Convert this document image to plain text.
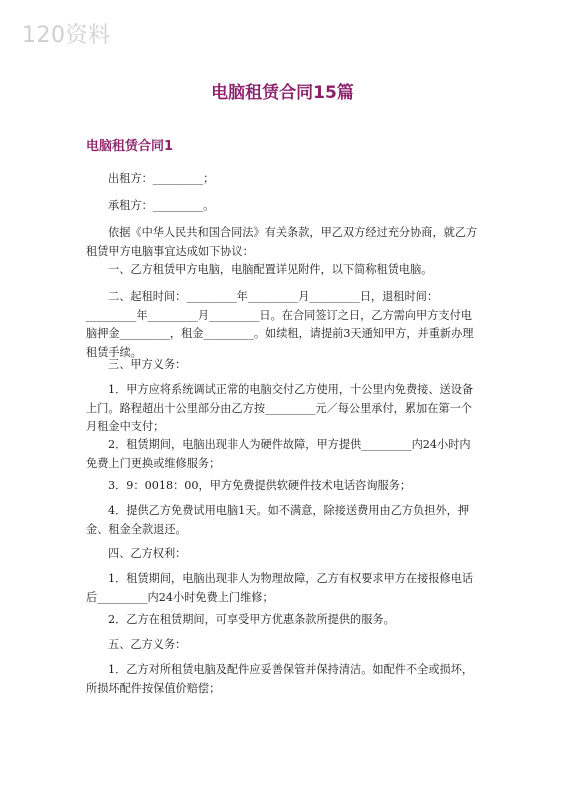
120资料
电脑租赁合同15篇
电脑租赁合同1

出租方：_________；

承租方：_________。

依据《中华人民共和国合同法》有关条款，甲乙双方经过充分协商，就乙方租赁甲方电脑事宜达成如下协议：

一、乙方租赁甲方电脑，电脑配置详见附件，以下简称租赁电脑。

二、起租时间：_________年_________月_________日，退租时间：_________年_________月_________日。在合同签订之日，乙方需向甲方支付电脑押金_________，租金_________。如续租，请提前3天通知甲方，并重新办理租赁手续。

三、甲方义务：

1．甲方应将系统调试正常的电脑交付乙方使用，十公里内免费接、送设备上门。路程超出十公里部分由乙方按_________元／每公里承付，累加在第一个月租金中支付；

2．租赁期间，电脑出现非人为硬件故障，甲方提供_________内24小时内免费上门更换或维修服务；

3．9：0018：00，甲方免费提供软硬件技术电话咨询服务；

4．提供乙方免费试用电脑1天。如不满意，除接送费用由乙方负担外，押金、租金全款退还。

四、乙方权利：

1．租赁期间，电脑出现非人为物理故障，乙方有权要求甲方在接报修电话后_________内24小时免费上门维修；

2．乙方在租赁期间，可享受甲方优惠条款所提供的服务。

五、乙方义务：

1．乙方对所租赁电脑及配件应妥善保管并保持清洁。如配件不全或损坏，所损坏配件按保值价赔偿；
